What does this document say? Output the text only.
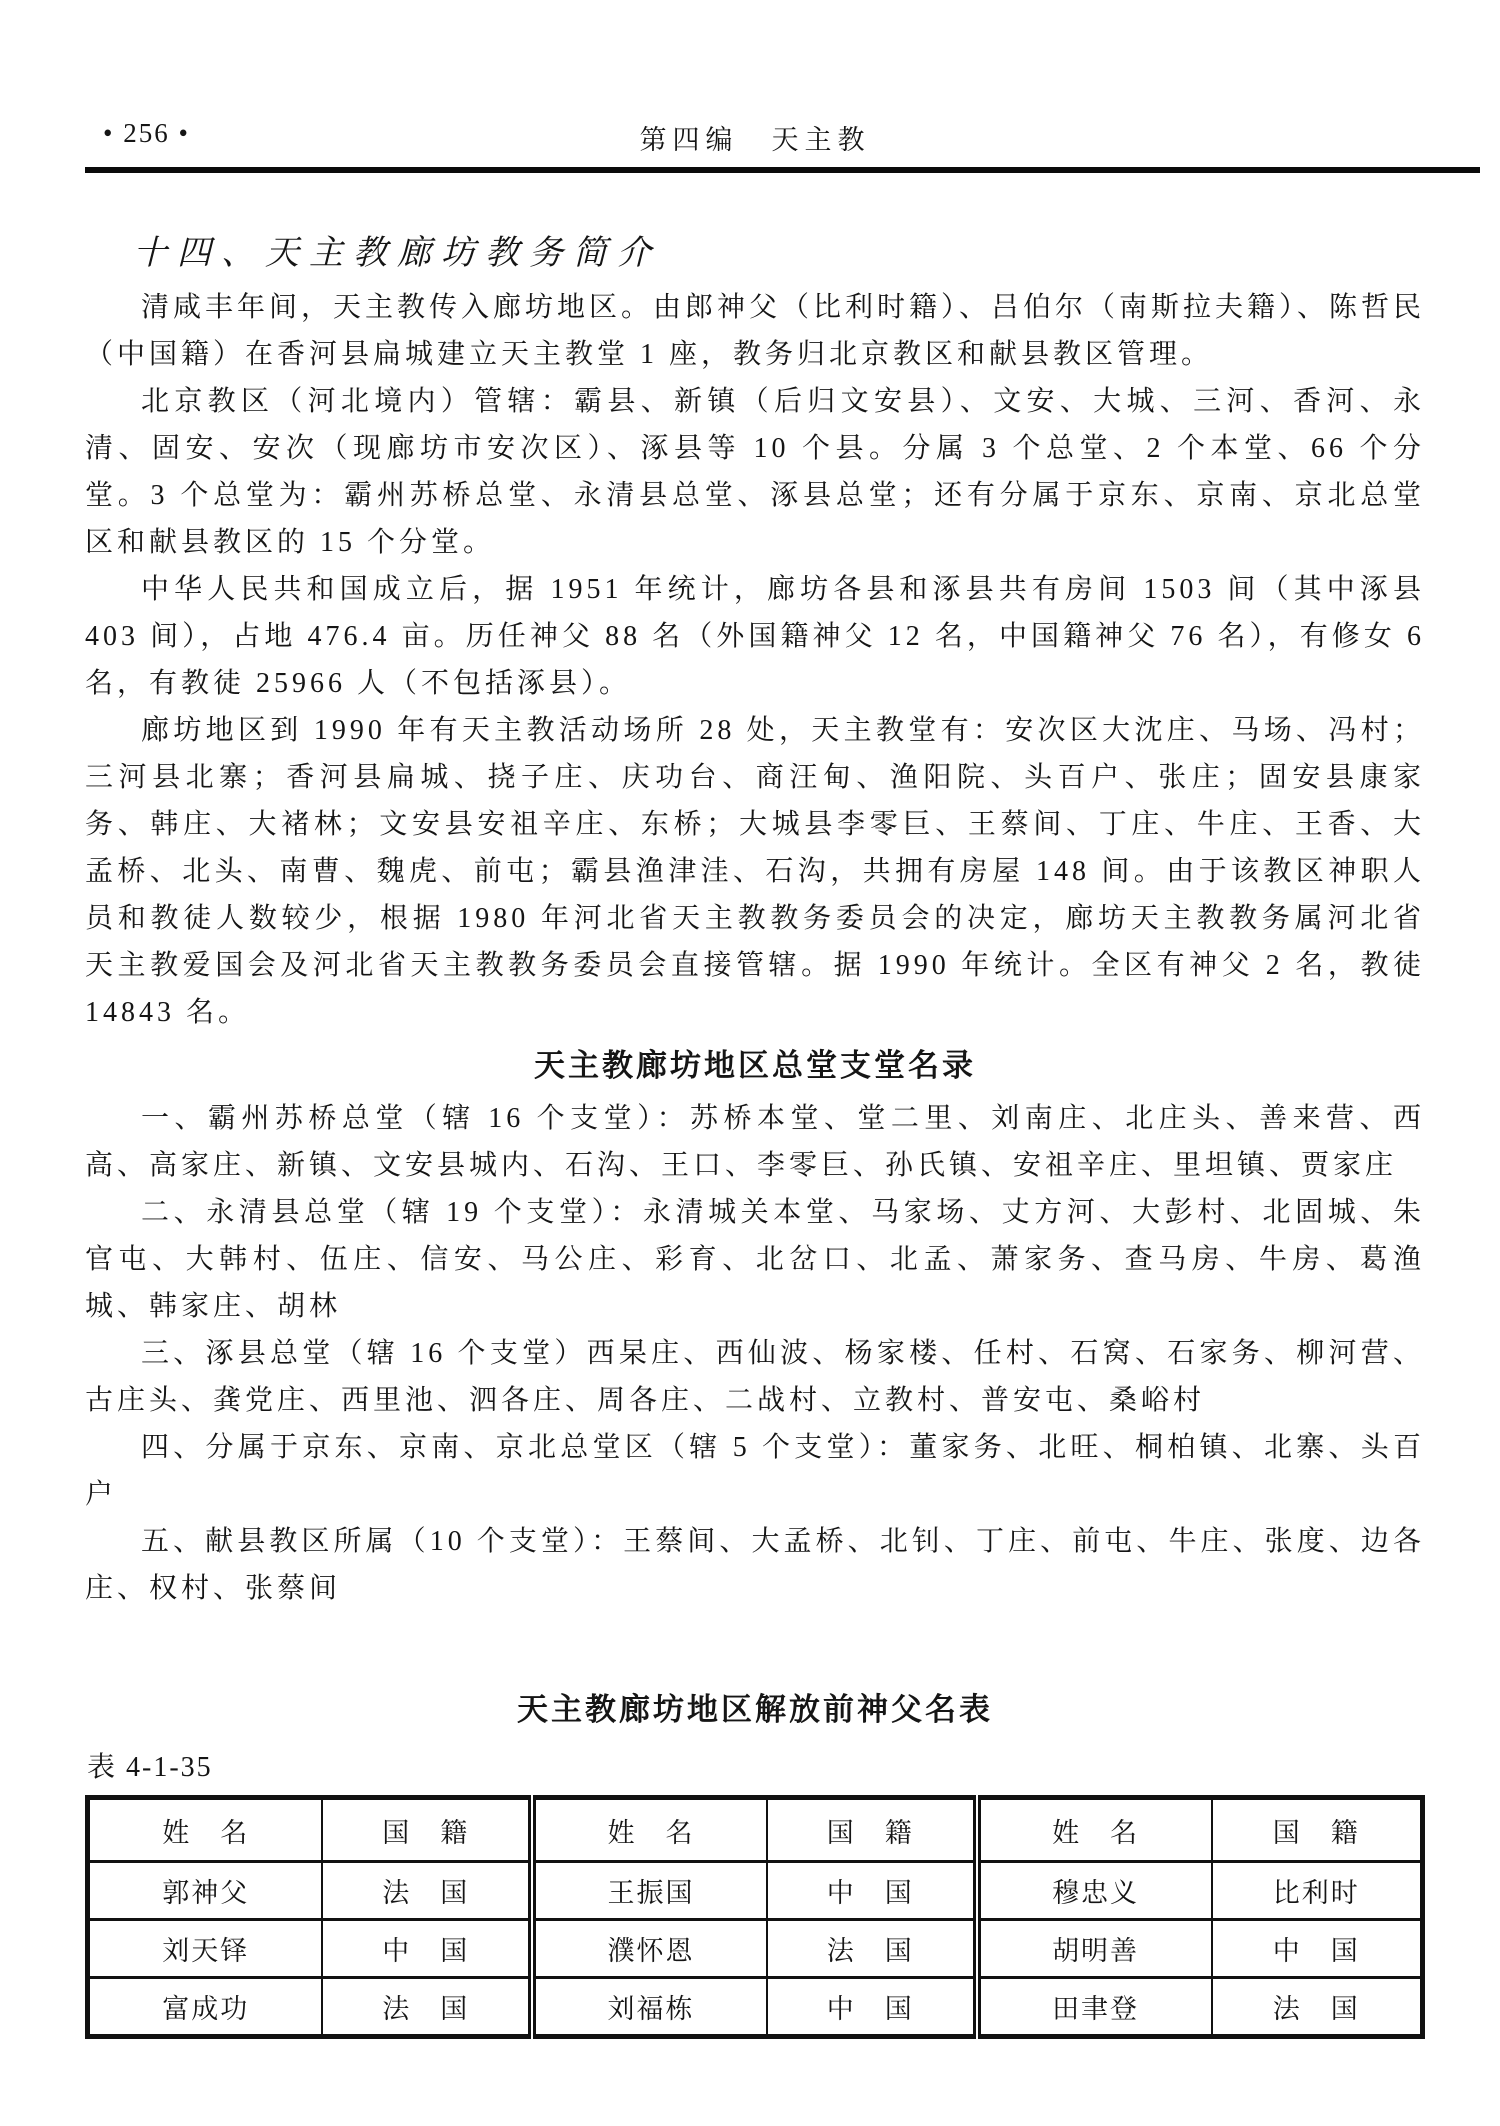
• 256 •	第四编　天主教
十四、天主教廊坊教务简介

清咸丰年间，天主教传入廊坊地区。由郎神父（比利时籍）、吕伯尔（南斯拉夫籍）、陈哲民（中国籍）在香河县扁城建立天主教堂 1 座，教务归北京教区和献县教区管理。

北京教区（河北境内）管辖：霸县、新镇（后归文安县）、文安、大城、三河、香河、永清、固安、安次（现廊坊市安次区）、涿县等 10 个县。分属 3 个总堂、2 个本堂、66 个分堂。3 个总堂为：霸州苏桥总堂、永清县总堂、涿县总堂；还有分属于京东、京南、京北总堂区和献县教区的 15 个分堂。

中华人民共和国成立后，据 1951 年统计，廊坊各县和涿县共有房间 1503 间（其中涿县 403 间），占地 476.4 亩。历任神父 88 名（外国籍神父 12 名，中国籍神父 76 名），有修女 6 名，有教徒 25966 人（不包括涿县）。

廊坊地区到 1990 年有天主教活动场所 28 处，天主教堂有：安次区大沈庄、马场、冯村；三河县北寨；香河县扁城、挠子庄、庆功台、商汪甸、渔阳院、头百户、张庄；固安县康家务、韩庄、大褚林；文安县安祖辛庄、东桥；大城县李零巨、王蔡间、丁庄、牛庄、王香、大孟桥、北头、南曹、魏虎、前屯；霸县渔津洼、石沟，共拥有房屋 148 间。由于该教区神职人员和教徒人数较少，根据 1980 年河北省天主教教务委员会的决定，廊坊天主教教务属河北省天主教爱国会及河北省天主教教务委员会直接管辖。据 1990 年统计。全区有神父 2 名，教徒 14843 名。

天主教廊坊地区总堂支堂名录

一、霸州苏桥总堂（辖 16 个支堂）：苏桥本堂、堂二里、刘南庄、北庄头、善来营、西高、高家庄、新镇、文安县城内、石沟、王口、李零巨、孙氏镇、安祖辛庄、里坦镇、贾家庄

二、永清县总堂（辖 19 个支堂）：永清城关本堂、马家场、丈方河、大彭村、北固城、朱官屯、大韩村、伍庄、信安、马公庄、彩育、北岔口、北孟、萧家务、查马房、牛房、葛渔城、韩家庄、胡林

三、涿县总堂（辖 16 个支堂）西杲庄、西仙波、杨家楼、任村、石窝、石家务、柳河营、古庄头、龚党庄、西里池、泗各庄、周各庄、二战村、立教村、普安屯、桑峪村

四、分属于京东、京南、京北总堂区（辖 5 个支堂）：董家务、北旺、桐柏镇、北寨、头百户

五、献县教区所属（10 个支堂）：王蔡间、大孟桥、北钊、丁庄、前屯、牛庄、张度、边各庄、权村、张蔡间

天主教廊坊地区解放前神父名表
表 4-1-35
姓　名	国　籍	姓　名	国　籍	姓　名	国　籍
郭神父	法　国	王振国	中　国	穆忠义	比利时
刘天铎	中　国	濮怀恩	法　国	胡明善	中　国
富成功	法　国	刘福栋	中　国	田聿登	法　国
